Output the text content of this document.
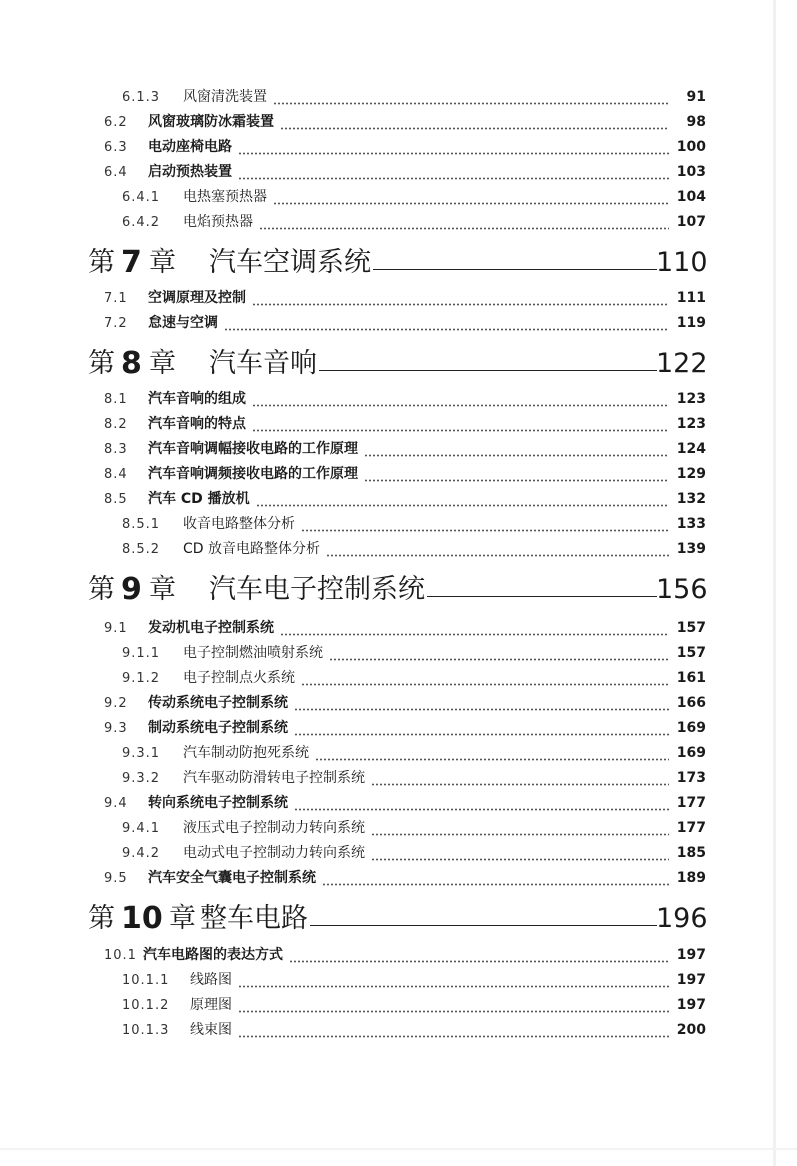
6.1.3 风窗清洗装置	91
6.2 风窗玻璃防冰霜装置	98
6.3 电动座椅电路	100
6.4 启动预热装置	103
6.4.1 电热塞预热器	104
6.4.2 电焰预热器	107
第 7 章 汽车空调系统	110
7.1 空调原理及控制	111
7.2 怠速与空调	119
第 8 章 汽车音响	122
8.1 汽车音响的组成	123
8.2 汽车音响的特点	123
8.3 汽车音响调幅接收电路的工作原理	124
8.4 汽车音响调频接收电路的工作原理	129
8.5 汽车 CD 播放机	132
8.5.1 收音电路整体分析	133
8.5.2 CD 放音电路整体分析	139
第 9 章 汽车电子控制系统	156
9.1 发动机电子控制系统	157
9.1.1 电子控制燃油喷射系统	157
9.1.2 电子控制点火系统	161
9.2 传动系统电子控制系统	166
9.3 制动系统电子控制系统	169
9.3.1 汽车制动防抱死系统	169
9.3.2 汽车驱动防滑转电子控制系统	173
9.4 转向系统电子控制系统	177
9.4.1 液压式电子控制动力转向系统	177
9.4.2 电动式电子控制动力转向系统	185
9.5 汽车安全气囊电子控制系统	189
第 10 章 整车电路	196
10.1 汽车电路图的表达方式	197
10.1.1 线路图	197
10.1.2 原理图	197
10.1.3 线束图	200
